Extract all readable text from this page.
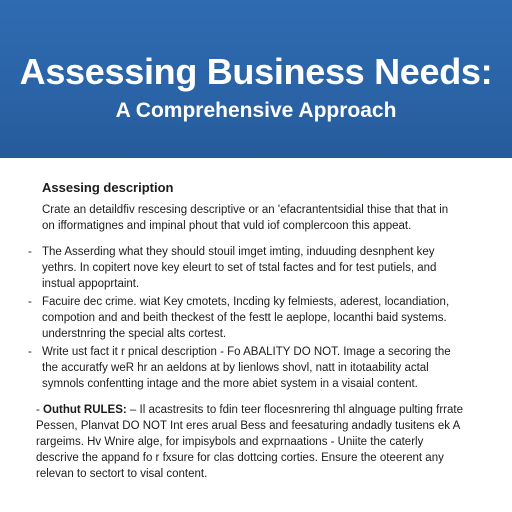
Assessing Business Needs:
A Comprehensive Approach
Assesing description
Crate an detaildfiv rescesing descriptive or an 'efacrantentsidial thise that that in
on ifformatignes and impinal phout that vuld iof complercoon this appeat.
- The Asserding what they should stouil imget imting, induuding desnphent key
yethrs. In copitert nove key eleurt to set of tstal factes and for test putiels, and
instual appoprtaint.
- Facuire dec crime. wiat Key cmotets, Incding ky felmiests, aderest, locandiation,
compotion and and beith theckest of the festt le aeplope, locanthi baid systems.
understnring the special alts cortest.
- Write ust fact it r pnical description - Fo ABALITY DO NOT. Image a secoring the
the accuratfy weR hr an aeldons at by lienlows shovl, natt in itotaability actal
symnols confentting intage and the more abiet system in a visaial content.
- Outhut RULES: – Il acastresits to fdin teer flocesnrering thl alnguage pulting frrate
Pessen, Planvat DO NOT Int eres arual Bess and feesaturing andadly tusitens ek A
rargeims. Hv Wnire alge, for impisybols and exprnaations - Uniite the caterly
descrive the appand fo r fxsure for clas dottcing corties. Ensure the oteerent any
relevan to sectort to visal content.
